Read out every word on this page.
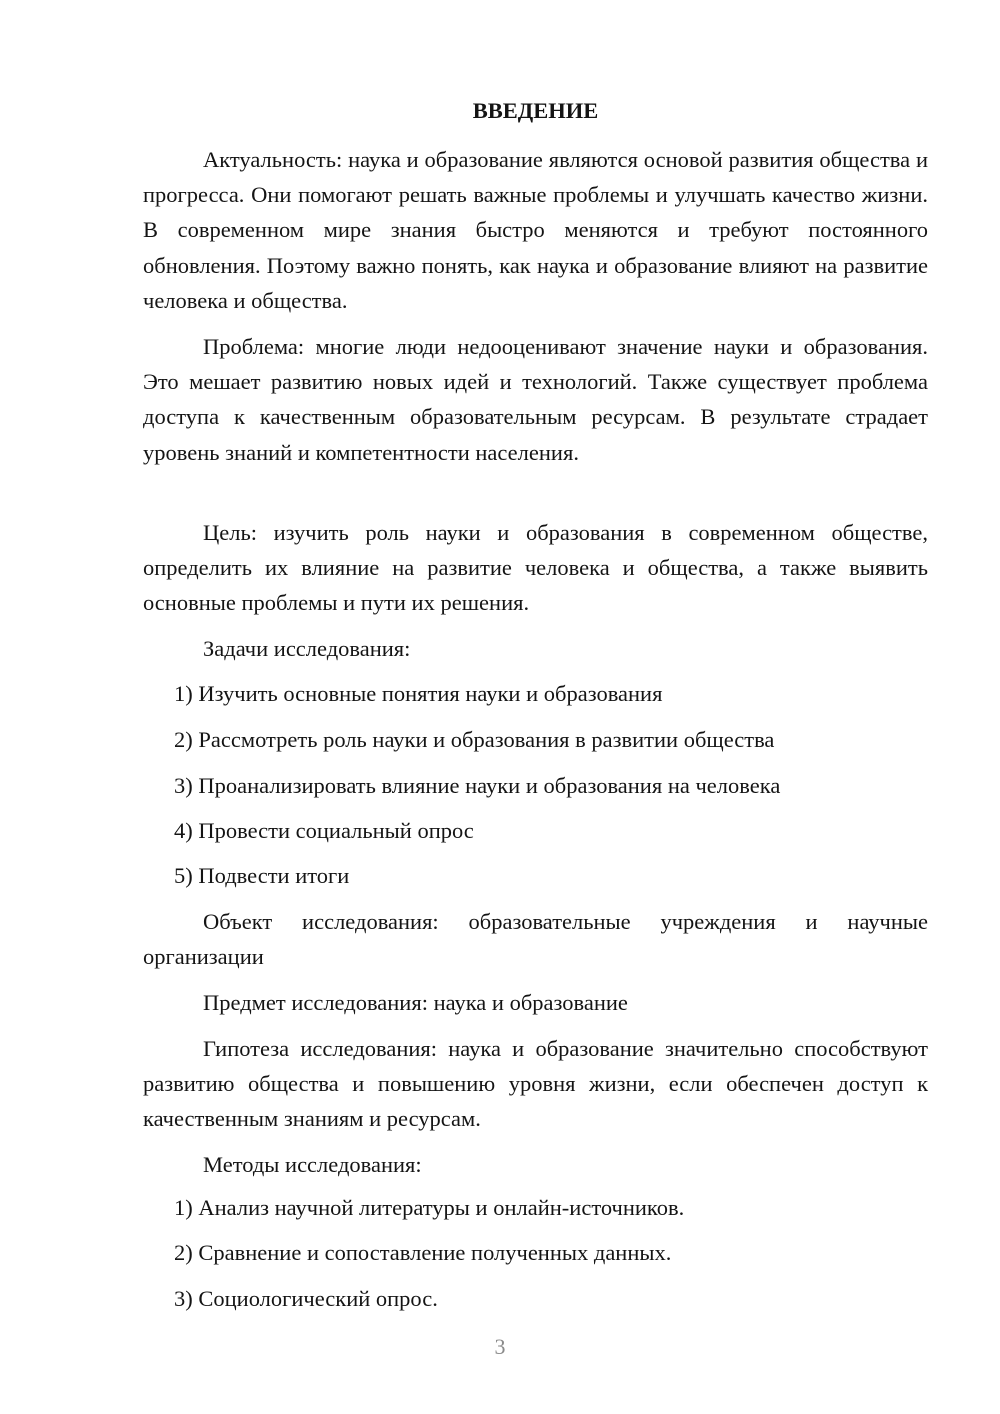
ВВЕДЕНИЕ

Актуальность: наука и образование являются основой развития общества и прогресса. Они помогают решать важные проблемы и улучшать качество жизни. В современном мире знания быстро меняются и требуют постоянного обновления. Поэтому важно понять, как наука и образование влияют на развитие человека и общества.

Проблема: многие люди недооценивают значение науки и образования. Это мешает развитию новых идей и технологий. Также существует проблема доступа к качественным образовательным ресурсам. В результате страдает уровень знаний и компетентности населения.

Цель: изучить роль науки и образования в современном обществе, определить их влияние на развитие человека и общества, а также выявить основные проблемы и пути их решения.

Задачи исследования:

1) Изучить основные понятия науки и образования

2) Рассмотреть роль науки и образования в развитии общества

3) Проанализировать влияние науки и образования на человека

4) Провести социальный опрос

5) Подвести итоги

Объект исследования: образовательные учреждения и научные организации

Предмет исследования: наука и образование

Гипотеза исследования: наука и образование значительно способствуют развитию общества и повышению уровня жизни, если обеспечен доступ к качественным знаниям и ресурсам.

Методы исследования:

1) Анализ научной литературы и онлайн-источников.

2) Сравнение и сопоставление полученных данных.

3) Социологический опрос.

3
